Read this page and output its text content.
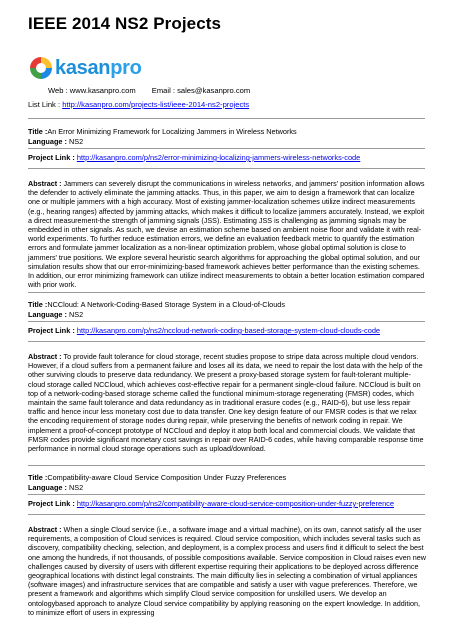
IEEE 2014 NS2 Projects
kasanpro
Web : www.kasanpro.com Email : sales@kasanpro.com
List Link : http://kasanpro.com/projects-list/ieee-2014-ns2-projects
Title :An Error Minimizing Framework for Localizing Jammers in Wireless Networks
Language : NS2
Project Link : http://kasanpro.com/p/ns2/error-minimizing-localizing-jammers-wireless-networks-code
Abstract : Jammers can severely disrupt the communications in wireless networks, and jammers' position information allows the defender to actively eliminate the jamming attacks. Thus, in this paper, we aim to design a framework that can localize one or multiple jammers with a high accuracy. Most of existing jammer-localization schemes utilize indirect measurements (e.g., hearing ranges) affected by jamming attacks, which makes it difficult to localize jammers accurately. Instead, we exploit a direct measurement-the strength of jamming signals (JSS). Estimating JSS is challenging as jamming signals may be embedded in other signals. As such, we devise an estimation scheme based on ambient noise floor and validate it with real-world experiments. To further reduce estimation errors, we define an evaluation feedback metric to quantify the estimation errors and formulate jammer localization as a non-linear optimization problem, whose global optimal solution is close to jammers' true positions. We explore several heuristic search algorithms for approaching the global optimal solution, and our simulation results show that our error-minimizing-based framework achieves better performance than the existing schemes. In addition, our error minimizing framework can utilize indirect measurements to obtain a better location estimation compared with prior work.
Title :NCCloud: A Network-Coding-Based Storage System in a Cloud-of-Clouds
Language : NS2
Project Link : http://kasanpro.com/p/ns2/nccloud-network-coding-based-storage-system-cloud-clouds-code
Abstract : To provide fault tolerance for cloud storage, recent studies propose to stripe data across multiple cloud vendors. However, if a cloud suffers from a permanent failure and loses all its data, we need to repair the lost data with the help of the other surviving clouds to preserve data redundancy. We present a proxy-based storage system for fault-tolerant multiple-cloud storage called NCCloud, which achieves cost-effective repair for a permanent single-cloud failure. NCCloud is built on top of a network-coding-based storage scheme called the functional minimum-storage regenerating (FMSR) codes, which maintain the same fault tolerance and data redundancy as in traditional erasure codes (e.g., RAID-6), but use less repair traffic and hence incur less monetary cost due to data transfer. One key design feature of our FMSR codes is that we relax the encoding requirement of storage nodes during repair, while preserving the benefits of network coding in repair. We implement a proof-of-concept prototype of NCCloud and deploy it atop both local and commercial clouds. We validate that FMSR codes provide significant monetary cost savings in repair over RAID-6 codes, while having comparable response time performance in normal cloud storage operations such as upload/download.
Title :Compatibility-aware Cloud Service Composition Under Fuzzy Preferences
Language : NS2
Project Link : http://kasanpro.com/p/ns2/compatibility-aware-cloud-service-composition-under-fuzzy-preference
Abstract : When a single Cloud service (i.e., a software image and a virtual machine), on its own, cannot satisfy all the user requirements, a composition of Cloud services is required. Cloud service composition, which includes several tasks such as discovery, compatibility checking, selection, and deployment, is a complex process and users find it difficult to select the best one among the hundreds, if not thousands, of possible compositions available. Service composition in Cloud raises even new challenges caused by diversity of users with different expertise requiring their applications to be deployed across difference geographical locations with distinct legal constraints. The main difficulty lies in selecting a combination of virtual appliances (software images) and infrastructure services that are compatible and satisfy a user with vague preferences. Therefore, we present a framework and algorithms which simplify Cloud service composition for unskilled users. We develop an ontologybased approach to analyze Cloud service compatibility by applying reasoning on the expert knowledge. In addition, to minimize effort of users in expressing
